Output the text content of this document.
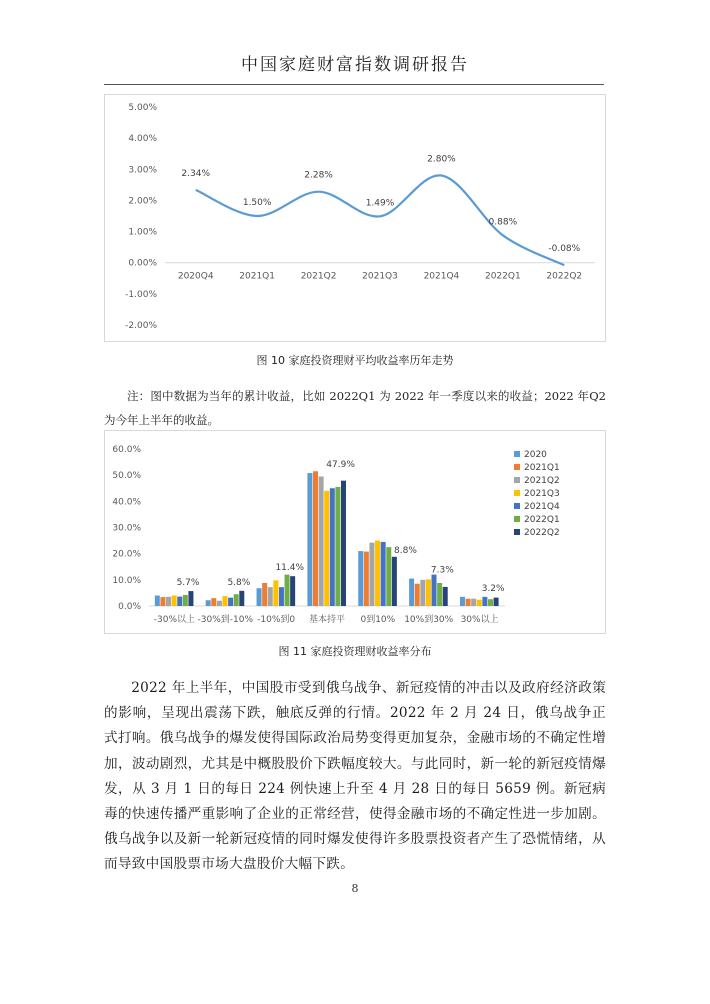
中国家庭财富指数调研报告
5.00%
4.00%
3.00%
2.00%
1.00%
0.00%
-1.00%
-2.00%
2020Q4	2021Q1	2021Q2	2021Q3	2021Q4	2022Q1	2022Q2
2.34%
1.50%
2.28%
1.49%
2.80%
0.88%
-0.08%
图 10 家庭投资理财平均收益率历年走势
注：图中数据为当年的累计收益，比如 2022Q1 为 2022 年一季度以来的收益；2022 年Q2 为今年上半年的收益。
60.0%
50.0%
40.0%
30.0%
20.0%
10.0%
0.0%
-30%以上
5.7%
-30%到-10%
5.8%
-10%到0
11.4%
基本持平
47.9%
0到10%
8.8%
10%到30%
7.3%
30%以上
3.2%
2020
2021Q1
2021Q2
2021Q3
2021Q4
2022Q1
2022Q2
图 11 家庭投资理财收益率分布
2022 年上半年，中国股市受到俄乌战争、新冠疫情的冲击以及政府经济政策的影响，呈现出震荡下跌，触底反弹的行情。2022 年 2 月 24 日，俄乌战争正式打响。俄乌战争的爆发使得国际政治局势变得更加复杂，金融市场的不确定性增加，波动剧烈，尤其是中概股股价下跌幅度较大。与此同时，新一轮的新冠疫情爆发，从 3 月 1 日的每日 224 例快速上升至 4 月 28 日的每日 5659 例。新冠病毒的快速传播严重影响了企业的正常经营，使得金融市场的不确定性进一步加剧。俄乌战争以及新一轮新冠疫情的同时爆发使得许多股票投资者产生了恐慌情绪，从而导致中国股票市场大盘股价大幅下跌。
8
